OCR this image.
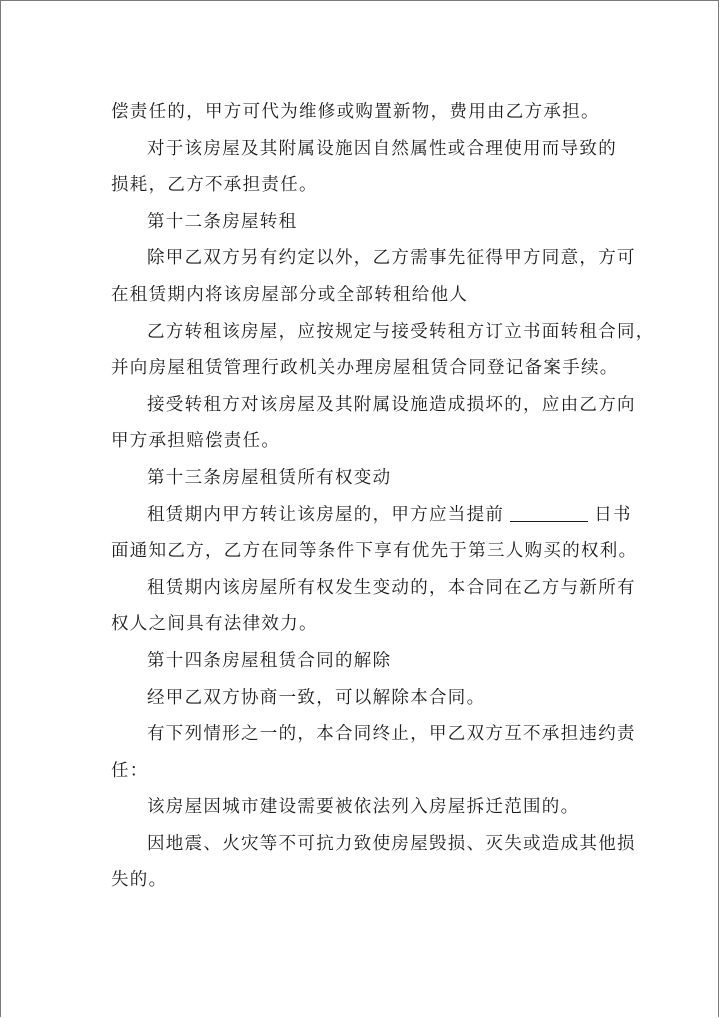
偿责任的，甲方可代为维修或购置新物，费用由乙方承担。
对于该房屋及其附属设施因自然属性或合理使用而导致的
损耗，乙方不承担责任。
第十二条房屋转租
除甲乙双方另有约定以外，乙方需事先征得甲方同意，方可
在租赁期内将该房屋部分或全部转租给他人
乙方转租该房屋，应按规定与接受转租方订立书面转租合同，
并向房屋租赁管理行政机关办理房屋租赁合同登记备案手续。
接受转租方对该房屋及其附属设施造成损坏的，应由乙方向
甲方承担赔偿责任。
第十三条房屋租赁所有权变动
租赁期内甲方转让该房屋的，甲方应当提前	日书
面通知乙方，乙方在同等条件下享有优先于第三人购买的权利。
租赁期内该房屋所有权发生变动的，本合同在乙方与新所有
权人之间具有法律效力。
第十四条房屋租赁合同的解除
经甲乙双方协商一致，可以解除本合同。
有下列情形之一的，本合同终止，甲乙双方互不承担违约责
任：
该房屋因城市建设需要被依法列入房屋拆迁范围的。
因地震、火灾等不可抗力致使房屋毁损、灭失或造成其他损
失的。
